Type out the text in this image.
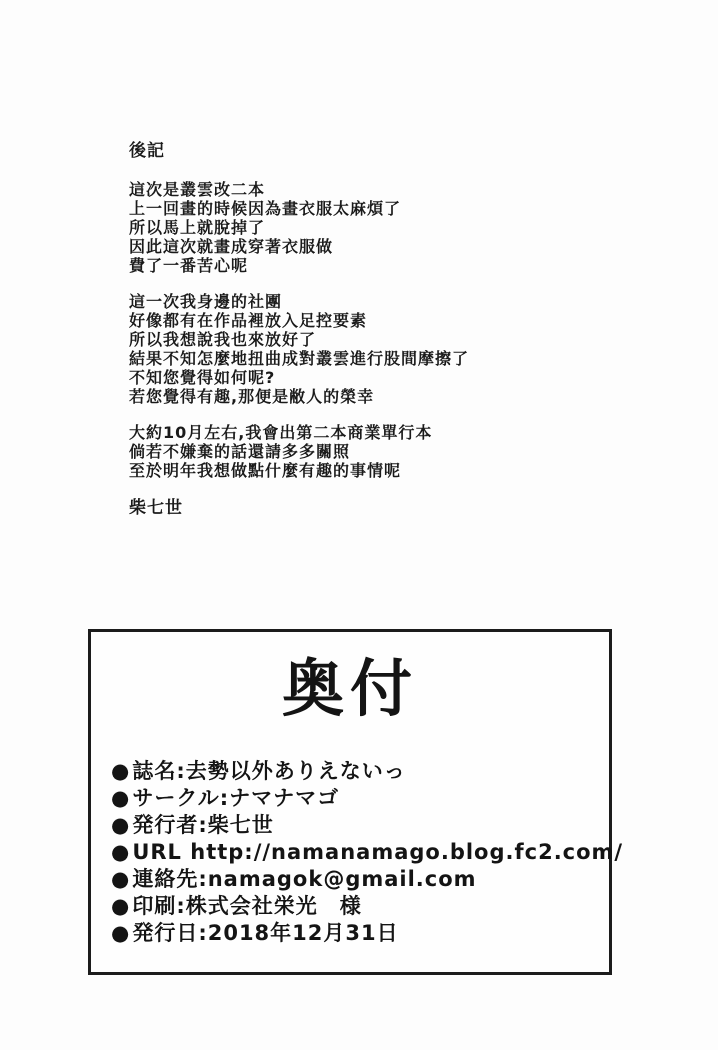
後記
這次是叢雲改二本
上一回畫的時候因為畫衣服太麻煩了
所以馬上就脫掉了
因此這次就畫成穿著衣服做
費了一番苦心呢
這一次我身邊的社團
好像都有在作品裡放入足控要素
所以我想說我也來放好了
結果不知怎麼地扭曲成對叢雲進行股間摩擦了
不知您覺得如何呢?
若您覺得有趣,那便是敝人的榮幸
大約10月左右,我會出第二本商業單行本
倘若不嫌棄的話還請多多關照
至於明年我想做點什麼有趣的事情呢
柴七世
奥付
● 誌名:去勢以外ありえないっ
● サークル:ナマナマゴ
● 発行者:柴七世
● URL http://namanamago.blog.fc2.com/
● 連絡先:namagok@gmail.com
● 印刷:株式会社栄光　様
● 発行日:2018年12月31日
